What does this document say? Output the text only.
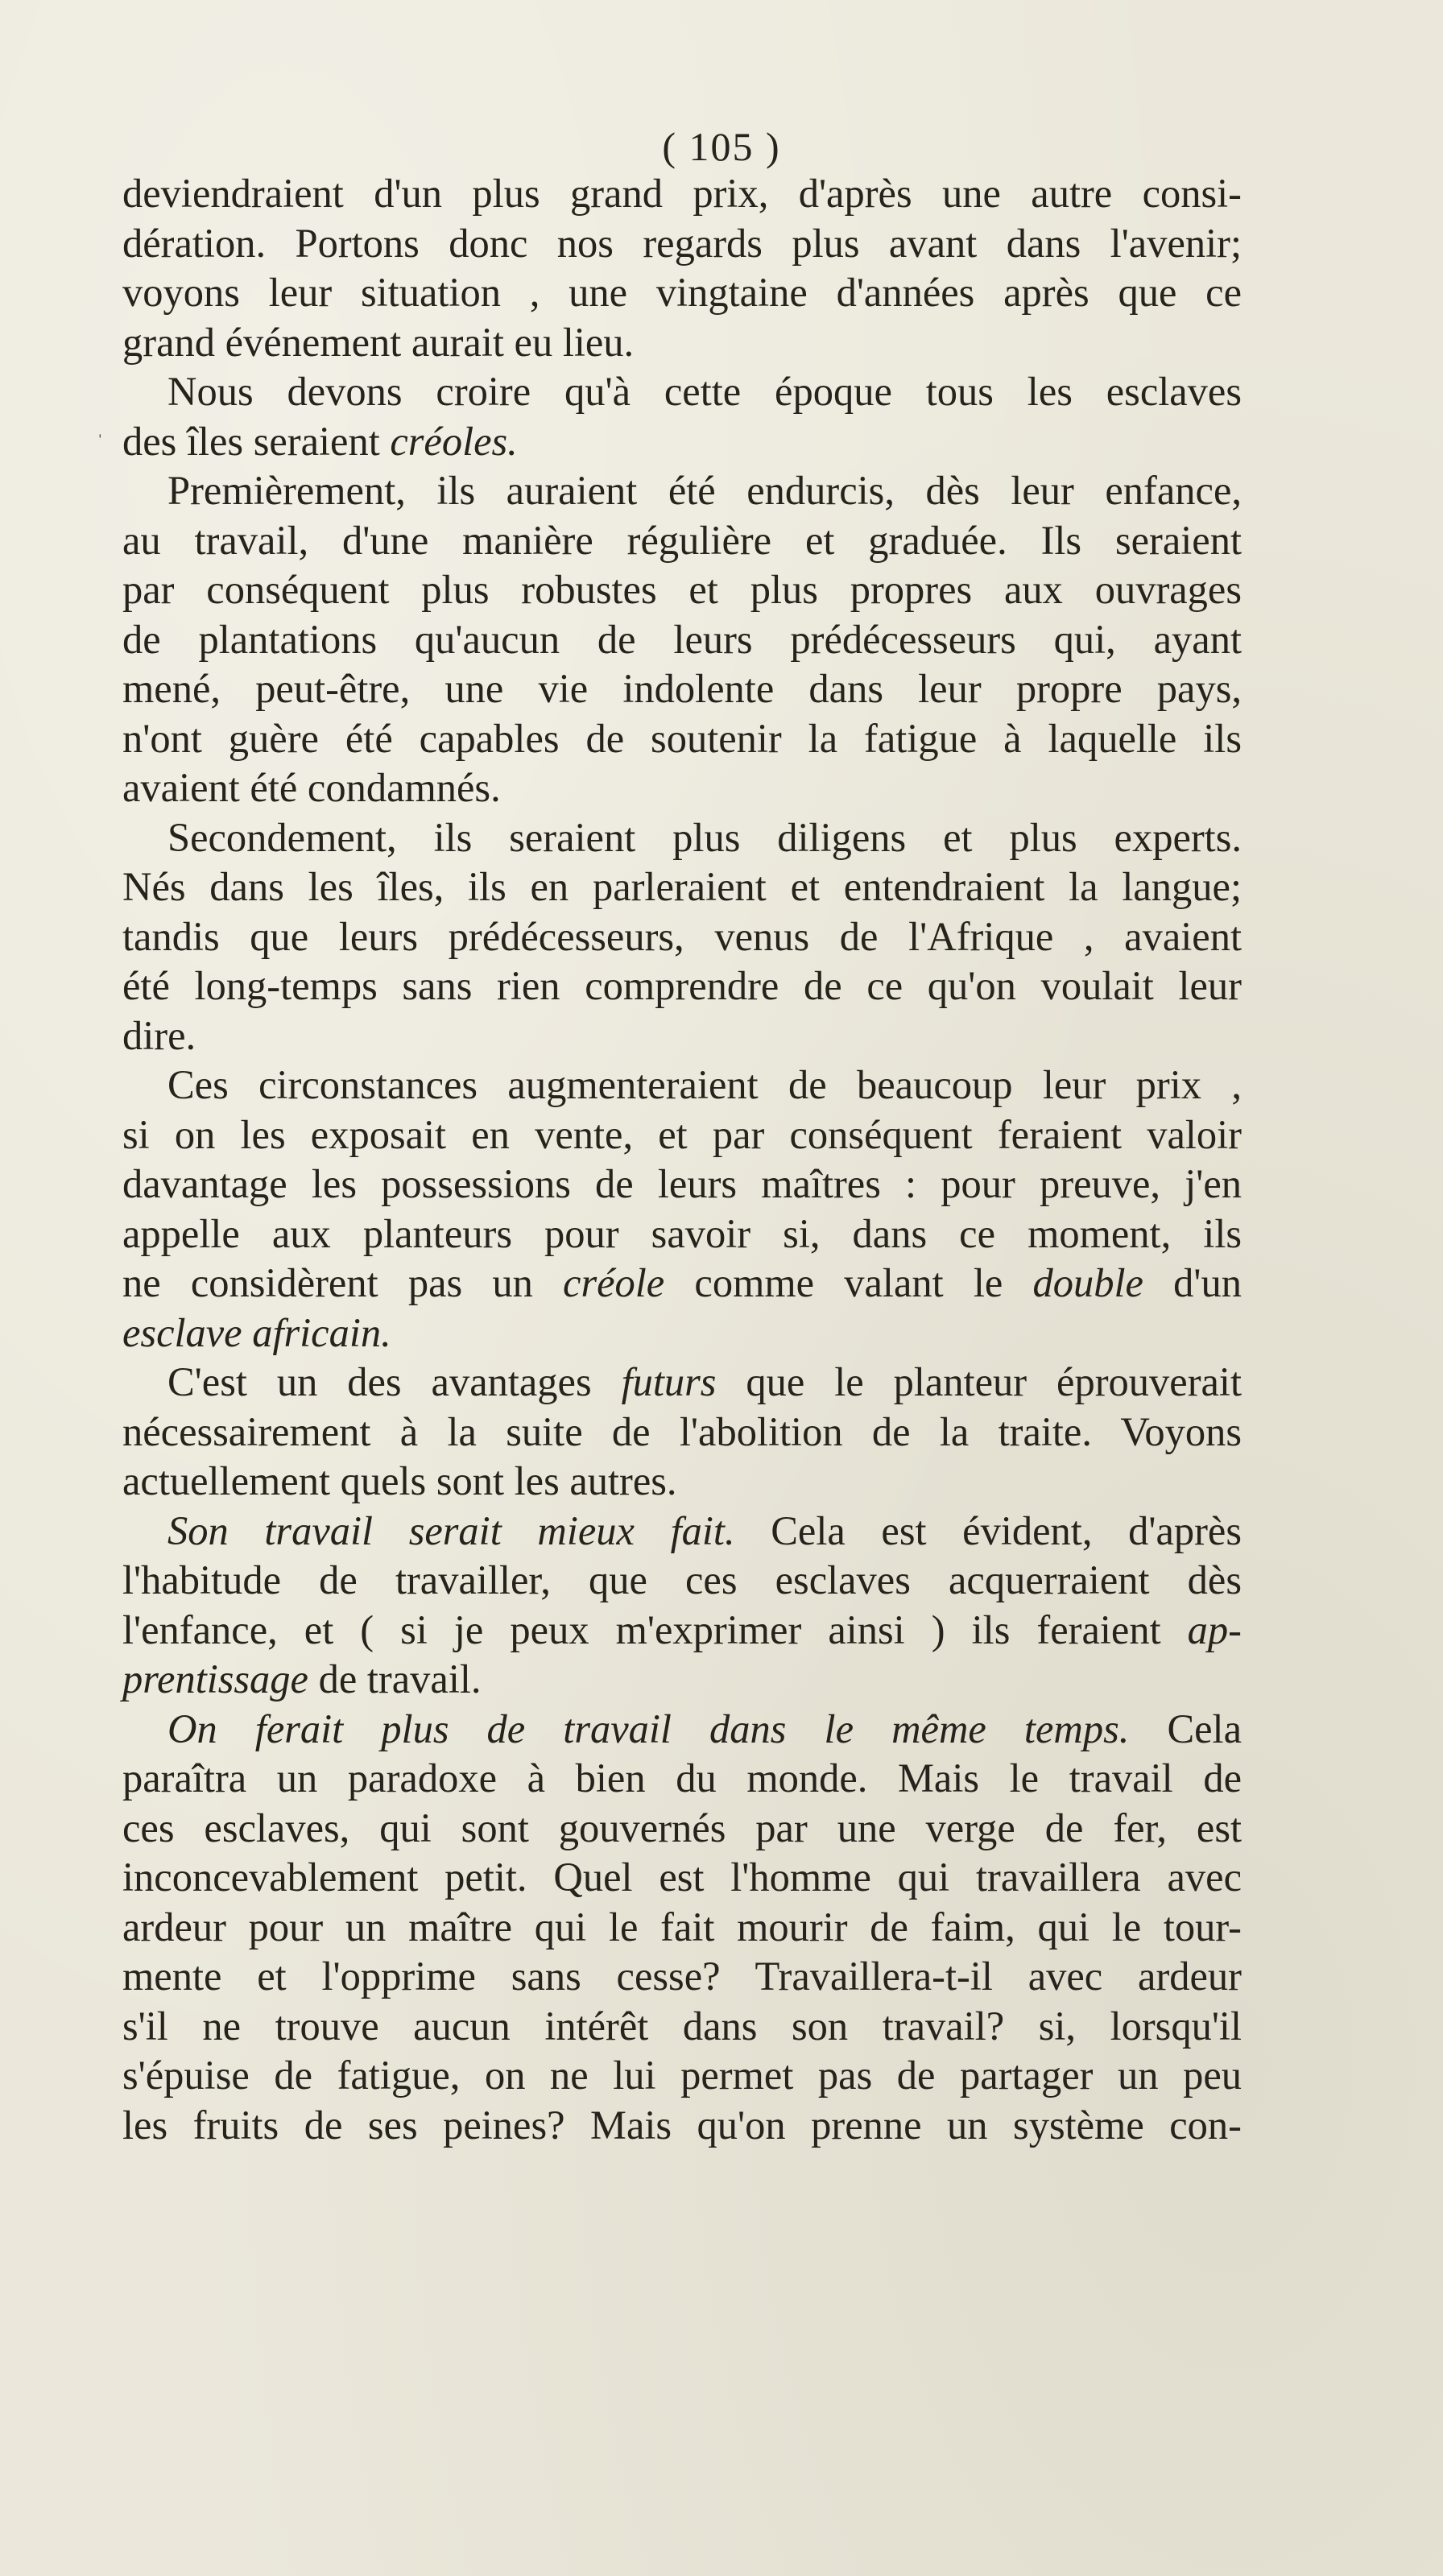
( 105 )
deviendraient d'un plus grand prix, d'après une autre consi-
dération. Portons donc nos regards plus avant dans l'avenir;
voyons leur situation , une vingtaine d'années après que ce
grand événement aurait eu lieu.
Nous devons croire qu'à cette époque tous les esclaves
des îles seraient créoles.
Premièrement, ils auraient été endurcis, dès leur enfance,
au travail, d'une manière régulière et graduée. Ils seraient
par conséquent plus robustes et plus propres aux ouvrages
de plantations qu'aucun de leurs prédécesseurs qui, ayant
mené, peut-être, une vie indolente dans leur propre pays,
n'ont guère été capables de soutenir la fatigue à laquelle ils
avaient été condamnés.
Secondement, ils seraient plus diligens et plus experts.
Nés dans les îles, ils en parleraient et entendraient la langue;
tandis que leurs prédécesseurs, venus de l'Afrique , avaient
été long-temps sans rien comprendre de ce qu'on voulait leur
dire.
Ces circonstances augmenteraient de beaucoup leur prix ,
si on les exposait en vente, et par conséquent feraient valoir
davantage les possessions de leurs maîtres : pour preuve, j'en
appelle aux planteurs pour savoir si, dans ce moment, ils
ne considèrent pas un créole comme valant le double d'un
esclave africain.
C'est un des avantages futurs que le planteur éprouverait
nécessairement à la suite de l'abolition de la traite. Voyons
actuellement quels sont les autres.
Son travail serait mieux fait. Cela est évident, d'après
l'habitude de travailler, que ces esclaves acquerraient dès
l'enfance, et ( si je peux m'exprimer ainsi ) ils feraient ap-
prentissage de travail.
On ferait plus de travail dans le même temps. Cela
paraîtra un paradoxe à bien du monde. Mais le travail de
ces esclaves, qui sont gouvernés par une verge de fer, est
inconcevablement petit. Quel est l'homme qui travaillera avec
ardeur pour un maître qui le fait mourir de faim, qui le tour-
mente et l'opprime sans cesse? Travaillera-t-il avec ardeur
s'il ne trouve aucun intérêt dans son travail? si, lorsqu'il
s'épuise de fatigue, on ne lui permet pas de partager un peu
les fruits de ses peines? Mais qu'on prenne un système con-
ˌ
